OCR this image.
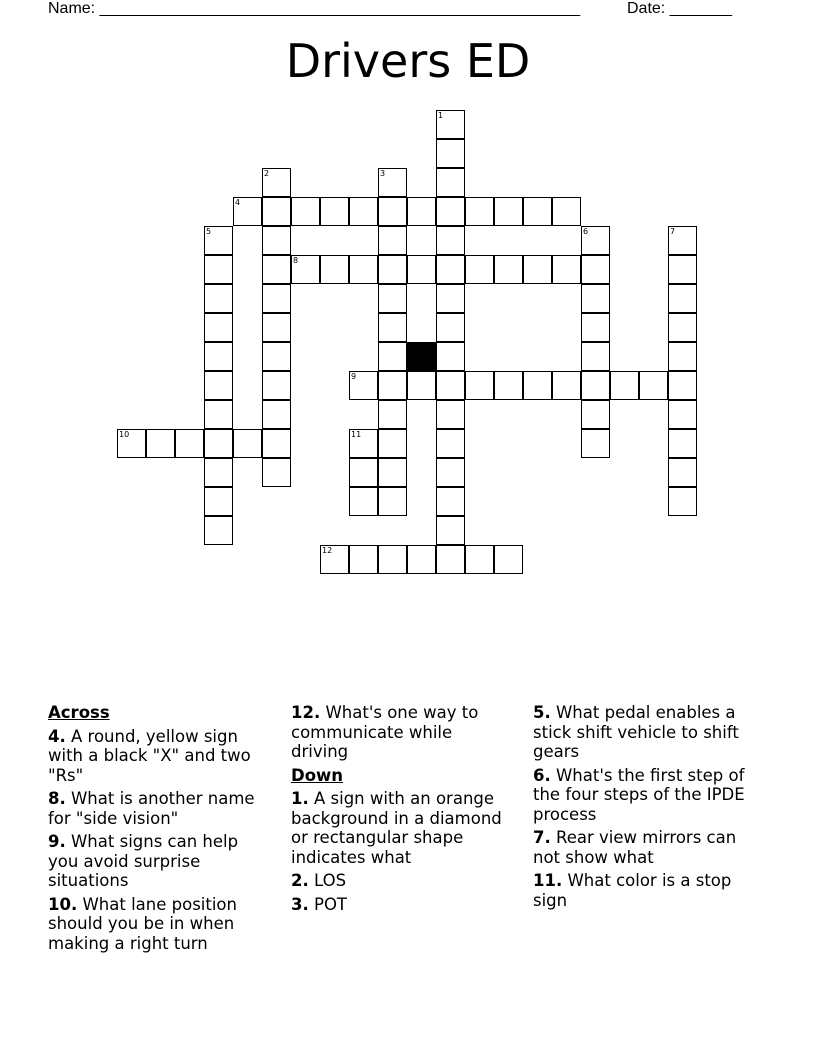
Name: ______________________________________________________	Date: _______
Drivers ED
1
2	3
4
5	6	7
8
9
10	11
12
Across
4. A round, yellow sign with a black "X" and two "Rs"
8. What is another name for "side vision"
9. What signs can help you avoid surprise situations
10. What lane position should you be in when making a right turn
12. What's one way to communicate while driving
Down
1. A sign with an orange background in a diamond or rectangular shape indicates what
2. LOS
3. POT
5. What pedal enables a stick shift vehicle to shift gears
6. What's the first step of the four steps of the IPDE process
7. Rear view mirrors can not show what
11. What color is a stop sign
